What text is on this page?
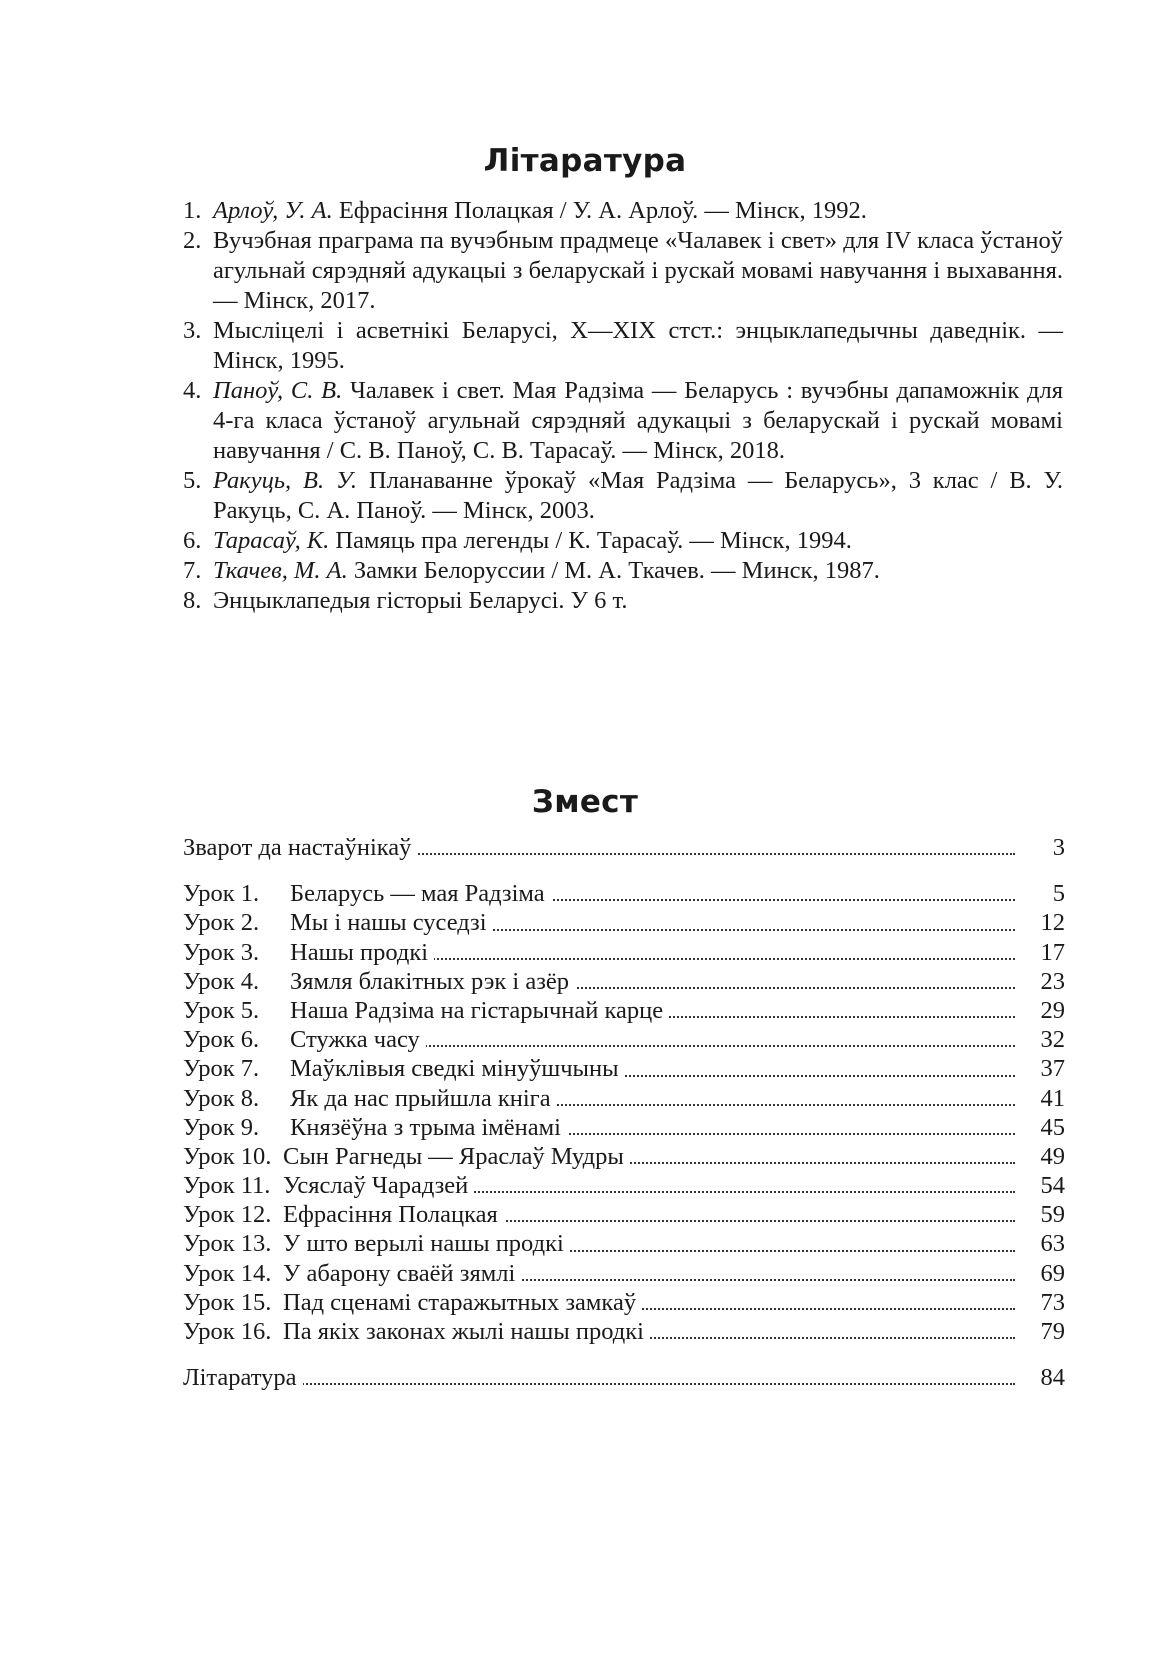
Літаратура
1. Арлоў, У. А. Ефрасіння Полацкая / У. А. Арлоў. — Мінск, 1992.
2. Вучэбная праграма па вучэбным прадмеце «Чалавек і свет» для IV класа ўстаноў агульнай сярэдняй адукацыі з беларускай і рускай мовамі навучання і выхавання. — Мінск, 2017.
3. Мысліцелі і асветнікі Беларусі, X—XIX стст.: энцыклапедычны даведнік. — Мінск, 1995.
4. Паноў, С. В. Чалавек і свет. Мая Радзіма — Беларусь : вучэбны дапаможнік для 4-га класа ўстаноў агульнай сярэдняй адукацыі з беларускай і рускай мовамі навучання / С. В. Паноў, С. В. Тарасаў. — Мінск, 2018.
5. Ракуць, В. У. Планаванне ўрокаў «Мая Радзіма — Беларусь», 3 клас / В. У. Ракуць, С. А. Паноў. — Мінск, 2003.
6. Тарасаў, К. Памяць пра легенды / К. Тарасаў. — Мінск, 1994.
7. Ткачев, М. А. Замки Белоруссии / М. А. Ткачев. — Минск, 1987.
8. Энцыклапедыя гісторыі Беларусі. У 6 т.
Змест
Зварот да настаўнікаў	3
Урок 1. Беларусь — мая Радзіма	5
Урок 2. Мы і нашы суседзі	12
Урок 3. Нашы продкі	17
Урок 4. Зямля блакітных рэк і азёр	23
Урок 5. Наша Радзіма на гістарычнай карце	29
Урок 6. Стужка часу	32
Урок 7. Маўклівыя сведкі мінуўшчыны	37
Урок 8. Як да нас прыйшла кніга	41
Урок 9. Князёўна з трыма імёнамі	45
Урок 10. Сын Рагнеды — Яраслаў Мудры	49
Урок 11. Усяслаў Чарадзей	54
Урок 12. Ефрасіння Полацкая	59
Урок 13. У што верылі нашы продкі	63
Урок 14. У абарону сваёй зямлі	69
Урок 15. Пад сценамі старажытных замкаў	73
Урок 16. Па якіх законах жылі нашы продкі	79
Літаратура	84
